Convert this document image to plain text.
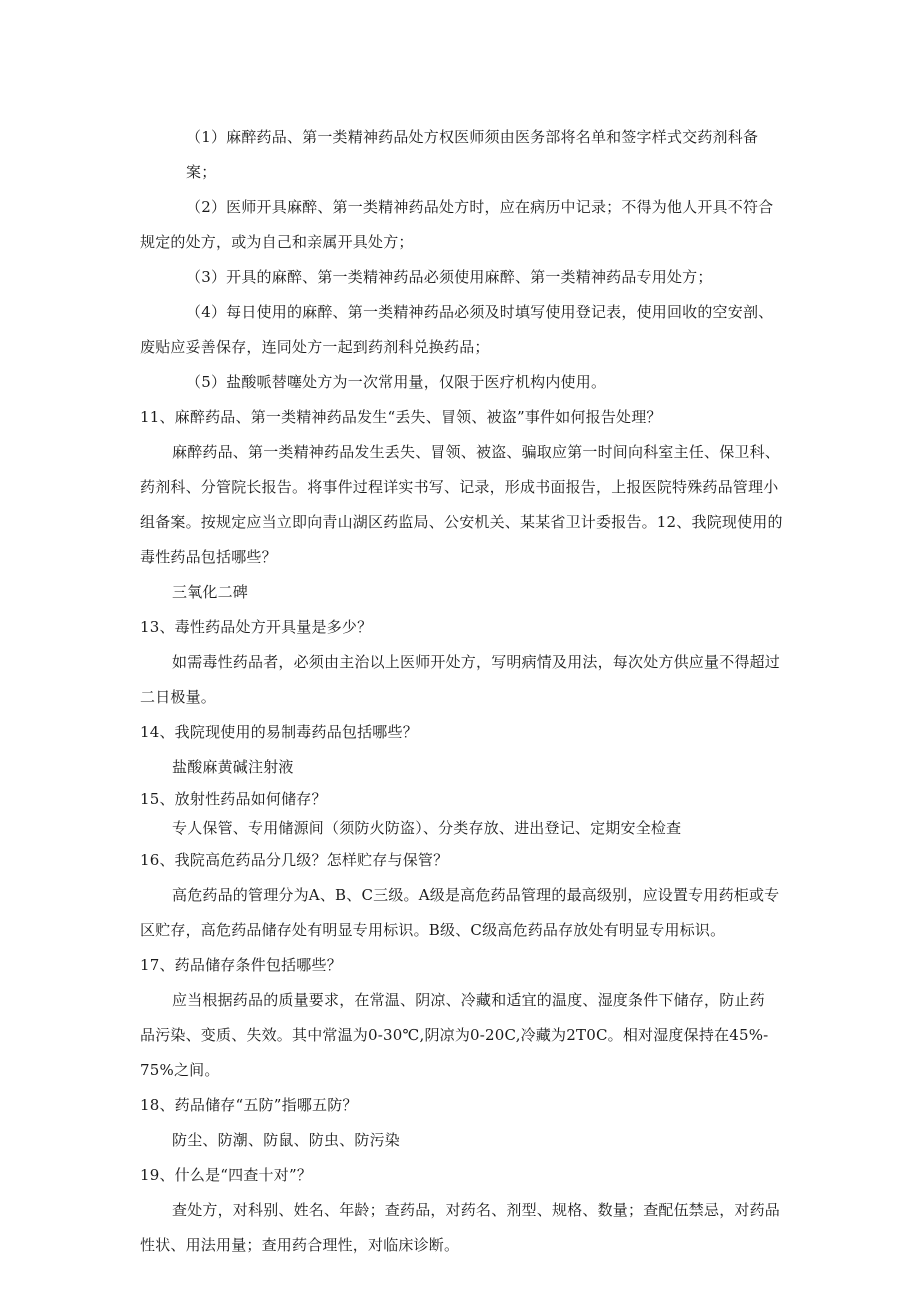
（1）麻醉药品、第一类精神药品处方权医师须由医务部将名单和签字样式交药剂科备案；

（2）医师开具麻醉、第一类精神药品处方时，应在病历中记录；不得为他人开具不符合

规定的处方，或为自己和亲属开具处方；

（3）开具的麻醉、第一类精神药品必须使用麻醉、第一类精神药品专用处方；

（4）每日使用的麻醉、第一类精神药品必须及时填写使用登记表，使用回收的空安剖、

废贴应妥善保存，连同处方一起到药剂科兑换药品；

（5）盐酸哌替噻处方为一次常用量，仅限于医疗机构内使用。

11、麻醉药品、第一类精神药品发生“丢失、冒领、被盗”事件如何报告处理？

麻醉药品、第一类精神药品发生丢失、冒领、被盗、骗取应第一时间向科室主任、保卫科、

药剂科、分管院长报告。将事件过程详实书写、记录，形成书面报告，上报医院特殊药品管理小

组备案。按规定应当立即向青山湖区药监局、公安机关、某某省卫计委报告。12、我院现使用的

毒性药品包括哪些？

三氧化二碑

13、毒性药品处方开具量是多少？

如需毒性药品者，必须由主治以上医师开处方，写明病情及用法，每次处方供应量不得超过

二日极量。

14、我院现使用的易制毒药品包括哪些？

盐酸麻黄碱注射液

15、放射性药品如何储存？

专人保管、专用储源间（须防火防盗）、分类存放、进出登记、定期安全检查

16、我院高危药品分几级？怎样贮存与保管？

高危药品的管理分为A、B、C三级。A级是高危药品管理的最高级别，应设置专用药柜或专

区贮存，高危药品储存处有明显专用标识。B级、C级高危药品存放处有明显专用标识。

17、药品储存条件包括哪些？

应当根据药品的质量要求，在常温、阴凉、冷藏和适宜的温度、湿度条件下储存，防止药

品污染、变质、失效。其中常温为0-30℃,阴凉为0-20C,冷藏为2T0C。相对湿度保持在45%-

75%之间。

18、药品储存“五防”指哪五防？

防尘、防潮、防鼠、防虫、防污染

19、什么是“四查十对”？

查处方，对科别、姓名、年龄；查药品，对药名、剂型、规格、数量；查配伍禁忌，对药品

性状、用法用量；查用药合理性，对临床诊断。
